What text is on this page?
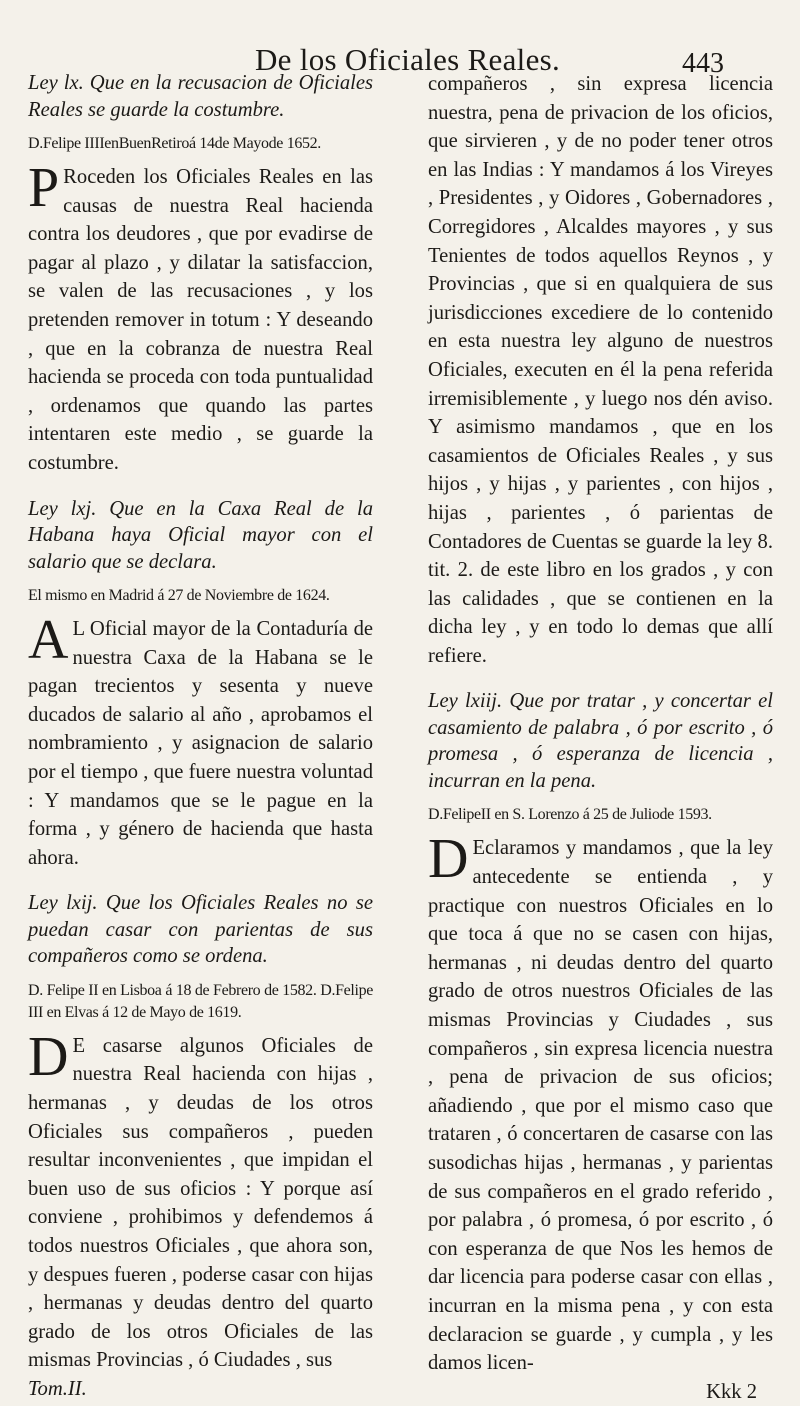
De los Oficiales Reales.	443

Ley lx. Que en la recusacion de Oficiales Reales se guarde la costumbre.

D.Felipe IIIIenBuenRetiroá 14de Mayode 1652.

P Roceden los Oficiales Reales en las causas de nuestra Real hacienda contra los deudores , que por evadirse de pagar al plazo , y dilatar la satisfaccion, se valen de las recusaciones , y los pretenden remover in totum : Y deseando , que en la cobranza de nuestra Real hacienda se proceda con toda puntualidad , ordenamos que quando las partes intentaren este medio , se guarde la costumbre.

Ley lxj. Que en la Caxa Real de la Habana haya Oficial mayor con el salario que se declara.

El mismo en Madrid á 27 de Noviembre de 1624.

A L Oficial mayor de la Contaduría de nuestra Caxa de la Habana se le pagan trecientos y sesenta y nueve ducados de salario al año , aprobamos el nombramiento , y asignacion de salario por el tiempo , que fuere nuestra voluntad : Y mandamos que se le pague en la forma , y género de hacienda que hasta ahora.

Ley lxij. Que los Oficiales Reales no se puedan casar con parientas de sus compañeros como se ordena.

D. Felipe II en Lisboa á 18 de Febrero de 1582. D.Felipe III en Elvas á 12 de Mayo de 1619.

D E casarse algunos Oficiales de nuestra Real hacienda con hijas , hermanas , y deudas de los otros Oficiales sus compañeros , pueden resultar inconvenientes , que impidan el buen uso de sus oficios : Y porque así conviene , prohibimos y defendemos á todos nuestros Oficiales , que ahora son, y despues fueren , poderse casar con hijas , hermanas y deudas dentro del quarto grado de los otros Oficiales de las mismas Provincias , ó Ciudades , sus

Tom.II.

compañeros , sin expresa licencia nuestra, pena de privacion de los oficios, que sirvieren , y de no poder tener otros en las Indias : Y mandamos á los Vireyes , Presidentes , y Oidores , Gobernadores , Corregidores , Alcaldes mayores , y sus Tenientes de todos aquellos Reynos , y Provincias , que si en qualquiera de sus jurisdicciones excediere de lo contenido en esta nuestra ley alguno de nuestros Oficiales, executen en él la pena referida irremisiblemente , y luego nos dén aviso. Y asimismo mandamos , que en los casamientos de Oficiales Reales , y sus hijos , y hijas , y parientes , con hijos , hijas , parientes , ó parientas de Contadores de Cuentas se guarde la ley 8. tit. 2. de este libro en los grados , y con las calidades , que se contienen en la dicha ley , y en todo lo demas que allí refiere.

Ley lxiij. Que por tratar , y concertar el casamiento de palabra , ó por escrito , ó promesa , ó esperanza de licencia , incurran en la pena.

D.FelipeII en S. Lorenzo á 25 de Juliode 1593.

D Eclaramos y mandamos , que la ley antecedente se entienda , y practique con nuestros Oficiales en lo que toca á que no se casen con hijas, hermanas , ni deudas dentro del quarto grado de otros nuestros Oficiales de las mismas Provincias y Ciudades , sus compañeros , sin expresa licencia nuestra , pena de privacion de sus oficios; añadiendo , que por el mismo caso que trataren , ó concertaren de casarse con las susodichas hijas , hermanas , y parientas de sus compañeros en el grado referido , por palabra , ó promesa, ó por escrito , ó con esperanza de que Nos les hemos de dar licencia para poderse casar con ellas , incurran en la misma pena , y con esta declaracion se guarde , y cumpla , y les damos licen-

Kkk 2
